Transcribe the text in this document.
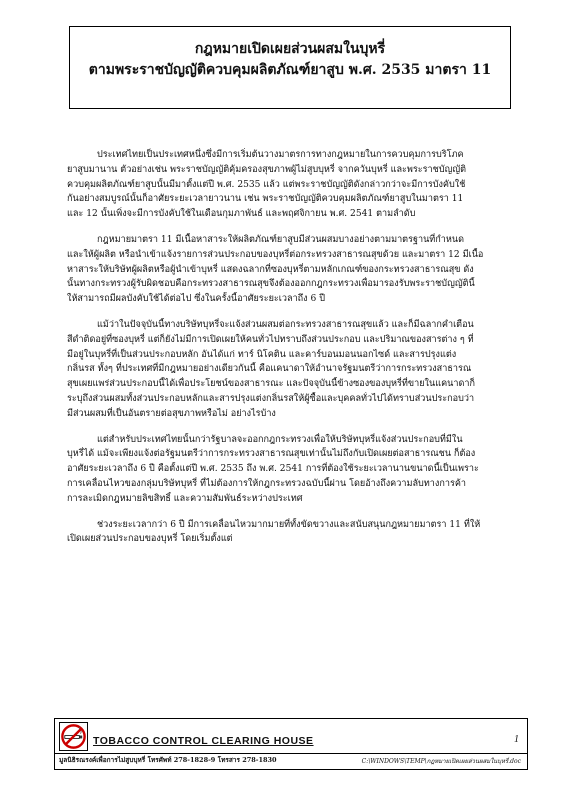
กฎหมายเปิดเผยส่วนผสมในบุหรี่
ตามพระราชบัญญัติควบคุมผลิตภัณฑ์ยาสูบ พ.ศ. 2535 มาตรา 11

ประเทศไทยเป็นประเทศหนึ่งซึ่งมีการเริ่มต้นวางมาตรการทางกฎหมายในการควบคุมการบริโภค
ยาสูบมานาน ตัวอย่างเช่น พระราชบัญญัติคุ้มครองสุขภาพผู้ไม่สูบบุหรี่ จากควันบุหรี่ และพระราชบัญญัติ
ควบคุมผลิตภัณฑ์ยาสูบนั้นมีมาตั้งแต่ปี พ.ศ. 2535 แล้ว แต่พระราชบัญญัติดังกล่าวกว่าจะมีการบังคับใช้
กันอย่างสมบูรณ์นั้นก็อาศัยระยะเวลายาวนาน เช่น พระราชบัญญัติควบคุมผลิตภัณฑ์ยาสูบในมาตรา 11
และ 12 นั้นเพิ่งจะมีการบังคับใช้ในเดือนกุมภาพันธ์ และพฤศจิกายน พ.ศ. 2541 ตามลำดับ

กฎหมายมาตรา 11 มีเนื้อหาสาระให้ผลิตภัณฑ์ยาสูบมีส่วนผสมบางอย่างตามมาตรฐานที่กำหนด
และให้ผู้ผลิต หรือนำเข้าแจ้งรายการส่วนประกอบของบุหรี่ต่อกระทรวงสาธารณสุขด้วย และมาตรา 12 มีเนื้อ
หาสาระให้บริษัทผู้ผลิตหรือผู้นำเข้าบุหรี่ แสดงฉลากที่ซองบุหรี่ตามหลักเกณฑ์ของกระทรวงสาธารณสุข ดัง
นั้นทางกระทรวงผู้รับผิดชอบคือกระทรวงสาธารณสุขจึงต้องออกกฎกระทรวงเพื่อมารองรับพระราชบัญญัตินี้
ให้สามารถมีผลบังคับใช้ได้ต่อไป ซึ่งในครั้งนี้อาศัยระยะเวลาถึง 6 ปี

แม้ว่าในปัจจุบันนี้ทางบริษัทบุหรี่จะแจ้งส่วนผสมต่อกระทรวงสาธารณสุขแล้ว และก็มีฉลากคำเตือน
สีดำติดอยู่ที่ซองบุหรี่ แต่ก็ยังไม่มีการเปิดเผยให้คนทั่วไปทราบถึงส่วนประกอบ และปริมาณของสารต่าง ๆ ที่
มีอยู่ในบุหรี่ที่เป็นส่วนประกอบหลัก อันได้แก่ ทาร์ นิโคติน และคาร์บอนมอนนอกไซด์ และสารปรุงแต่ง
กลิ่นรส ทั้งๆ ที่ประเทศที่มีกฎหมายอย่างเดียวกันนี้ คือแคนาดาให้อำนาจรัฐมนตรีว่าการกระทรวงสาธารณ
สุขเผยแพร่ส่วนประกอบนี้ได้เพื่อประโยชน์ของสาธารณะ และปัจจุบันนี้ข้างซองของบุหรี่ที่ขายในแคนาดาก็
ระบุถึงส่วนผสมทั้งส่วนประกอบหลักและสารปรุงแต่งกลิ่นรสให้ผู้ซื้อและบุคคลทั่วไปได้ทราบส่วนประกอบว่า
มีส่วนผสมที่เป็นอันตรายต่อสุขภาพหรือไม่ อย่างไรบ้าง

แต่สำหรับประเทศไทยนั้นกว่ารัฐบาลจะออกกฎกระทรวงเพื่อให้บริษัทบุหรี่แจ้งส่วนประกอบที่มีใน
บุหรี่ได้ แม้จะเพียงแจ้งต่อรัฐมนตรีว่าการกระทรวงสาธารณสุขเท่านั้นไม่ถึงกับเปิดเผยต่อสาธารณชน ก็ต้อง
อาศัยระยะเวลาถึง 6 ปี คือตั้งแต่ปี พ.ศ. 2535 ถึง พ.ศ. 2541 การที่ต้องใช้ระยะเวลานานขนาดนี้เป็นเพราะ
การเคลื่อนไหวของกลุ่มบริษัทบุหรี่ ที่ไม่ต้องการให้กฎกระทรวงฉบับนี้ผ่าน โดยอ้างถึงความลับทางการค้า
การละเมิดกฎหมายลิขสิทธิ์ และความสัมพันธ์ระหว่างประเทศ

ช่วงระยะเวลากว่า 6 ปี มีการเคลื่อนไหวมากมายที่ทั้งขัดขวางและสนับสนุนกฎหมายมาตรา 11 ที่ให้
เปิดเผยส่วนประกอบของบุหรี่ โดยเริ่มตั้งแต่

TOBACCO CONTROL CLEARING HOUSE	1
มูลนิธิรณรงค์เพื่อการไม่สูบบุหรี่ โทรศัพท์ 278-1828-9 โทรสาร 278-1830	C:\WINDOWS\TEMP\กฎหมายเปิดเผยส่วนผสมในบุหรี่.doc
